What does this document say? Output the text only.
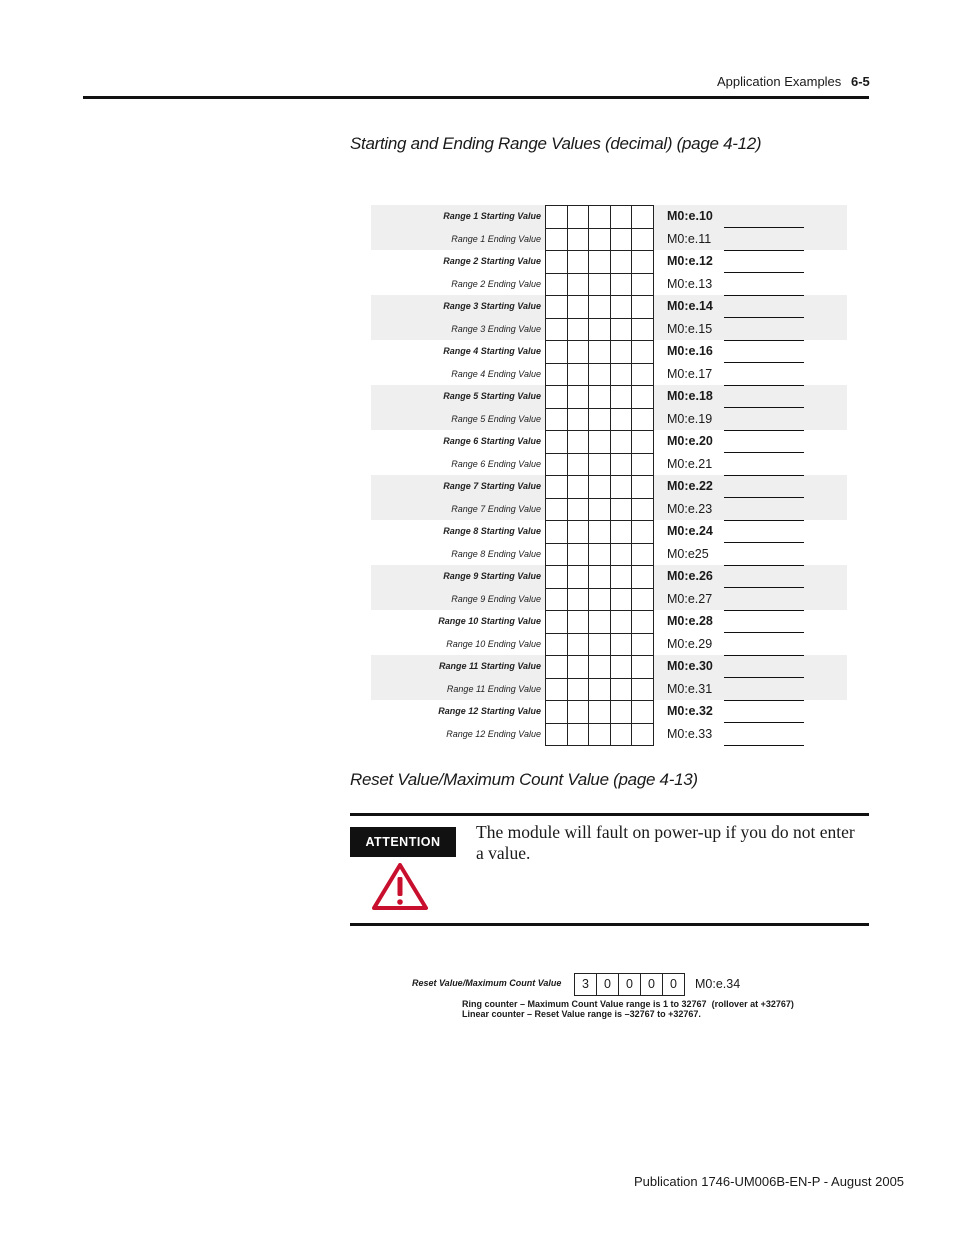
Application Examples 6-5
Starting and Ending Range Values (decimal) (page 4-12)
Range 1 Starting Value	M0:e.10
Range 1 Ending Value	M0:e.11
Range 2 Starting Value	M0:e.12
Range 2 Ending Value	M0:e.13
Range 3 Starting Value	M0:e.14
Range 3 Ending Value	M0:e.15
Range 4 Starting Value	M0:e.16
Range 4 Ending Value	M0:e.17
Range 5 Starting Value	M0:e.18
Range 5 Ending Value	M0:e.19
Range 6 Starting Value	M0:e.20
Range 6 Ending Value	M0:e.21
Range 7 Starting Value	M0:e.22
Range 7 Ending Value	M0:e.23
Range 8 Starting Value	M0:e.24
Range 8 Ending Value	M0:e25
Range 9 Starting Value	M0:e.26
Range 9 Ending Value	M0:e.27
Range 10 Starting Value	M0:e.28
Range 10 Ending Value	M0:e.29
Range 11 Starting Value	M0:e.30
Range 11 Ending Value	M0:e.31
Range 12 Starting Value	M0:e.32
Range 12 Ending Value	M0:e.33
Reset Value/Maximum Count Value (page 4-13)
ATTENTION	The module will fault on power-up if you do not enter a value.
Reset Value/Maximum Count Value	3	0	0	0	0	M0:e.34
Ring counter – Maximum Count Value range is 1 to 32767  (rollover at +32767)
Linear counter – Reset Value range is –32767 to +32767.
Publication 1746-UM006B-EN-P - August 2005
